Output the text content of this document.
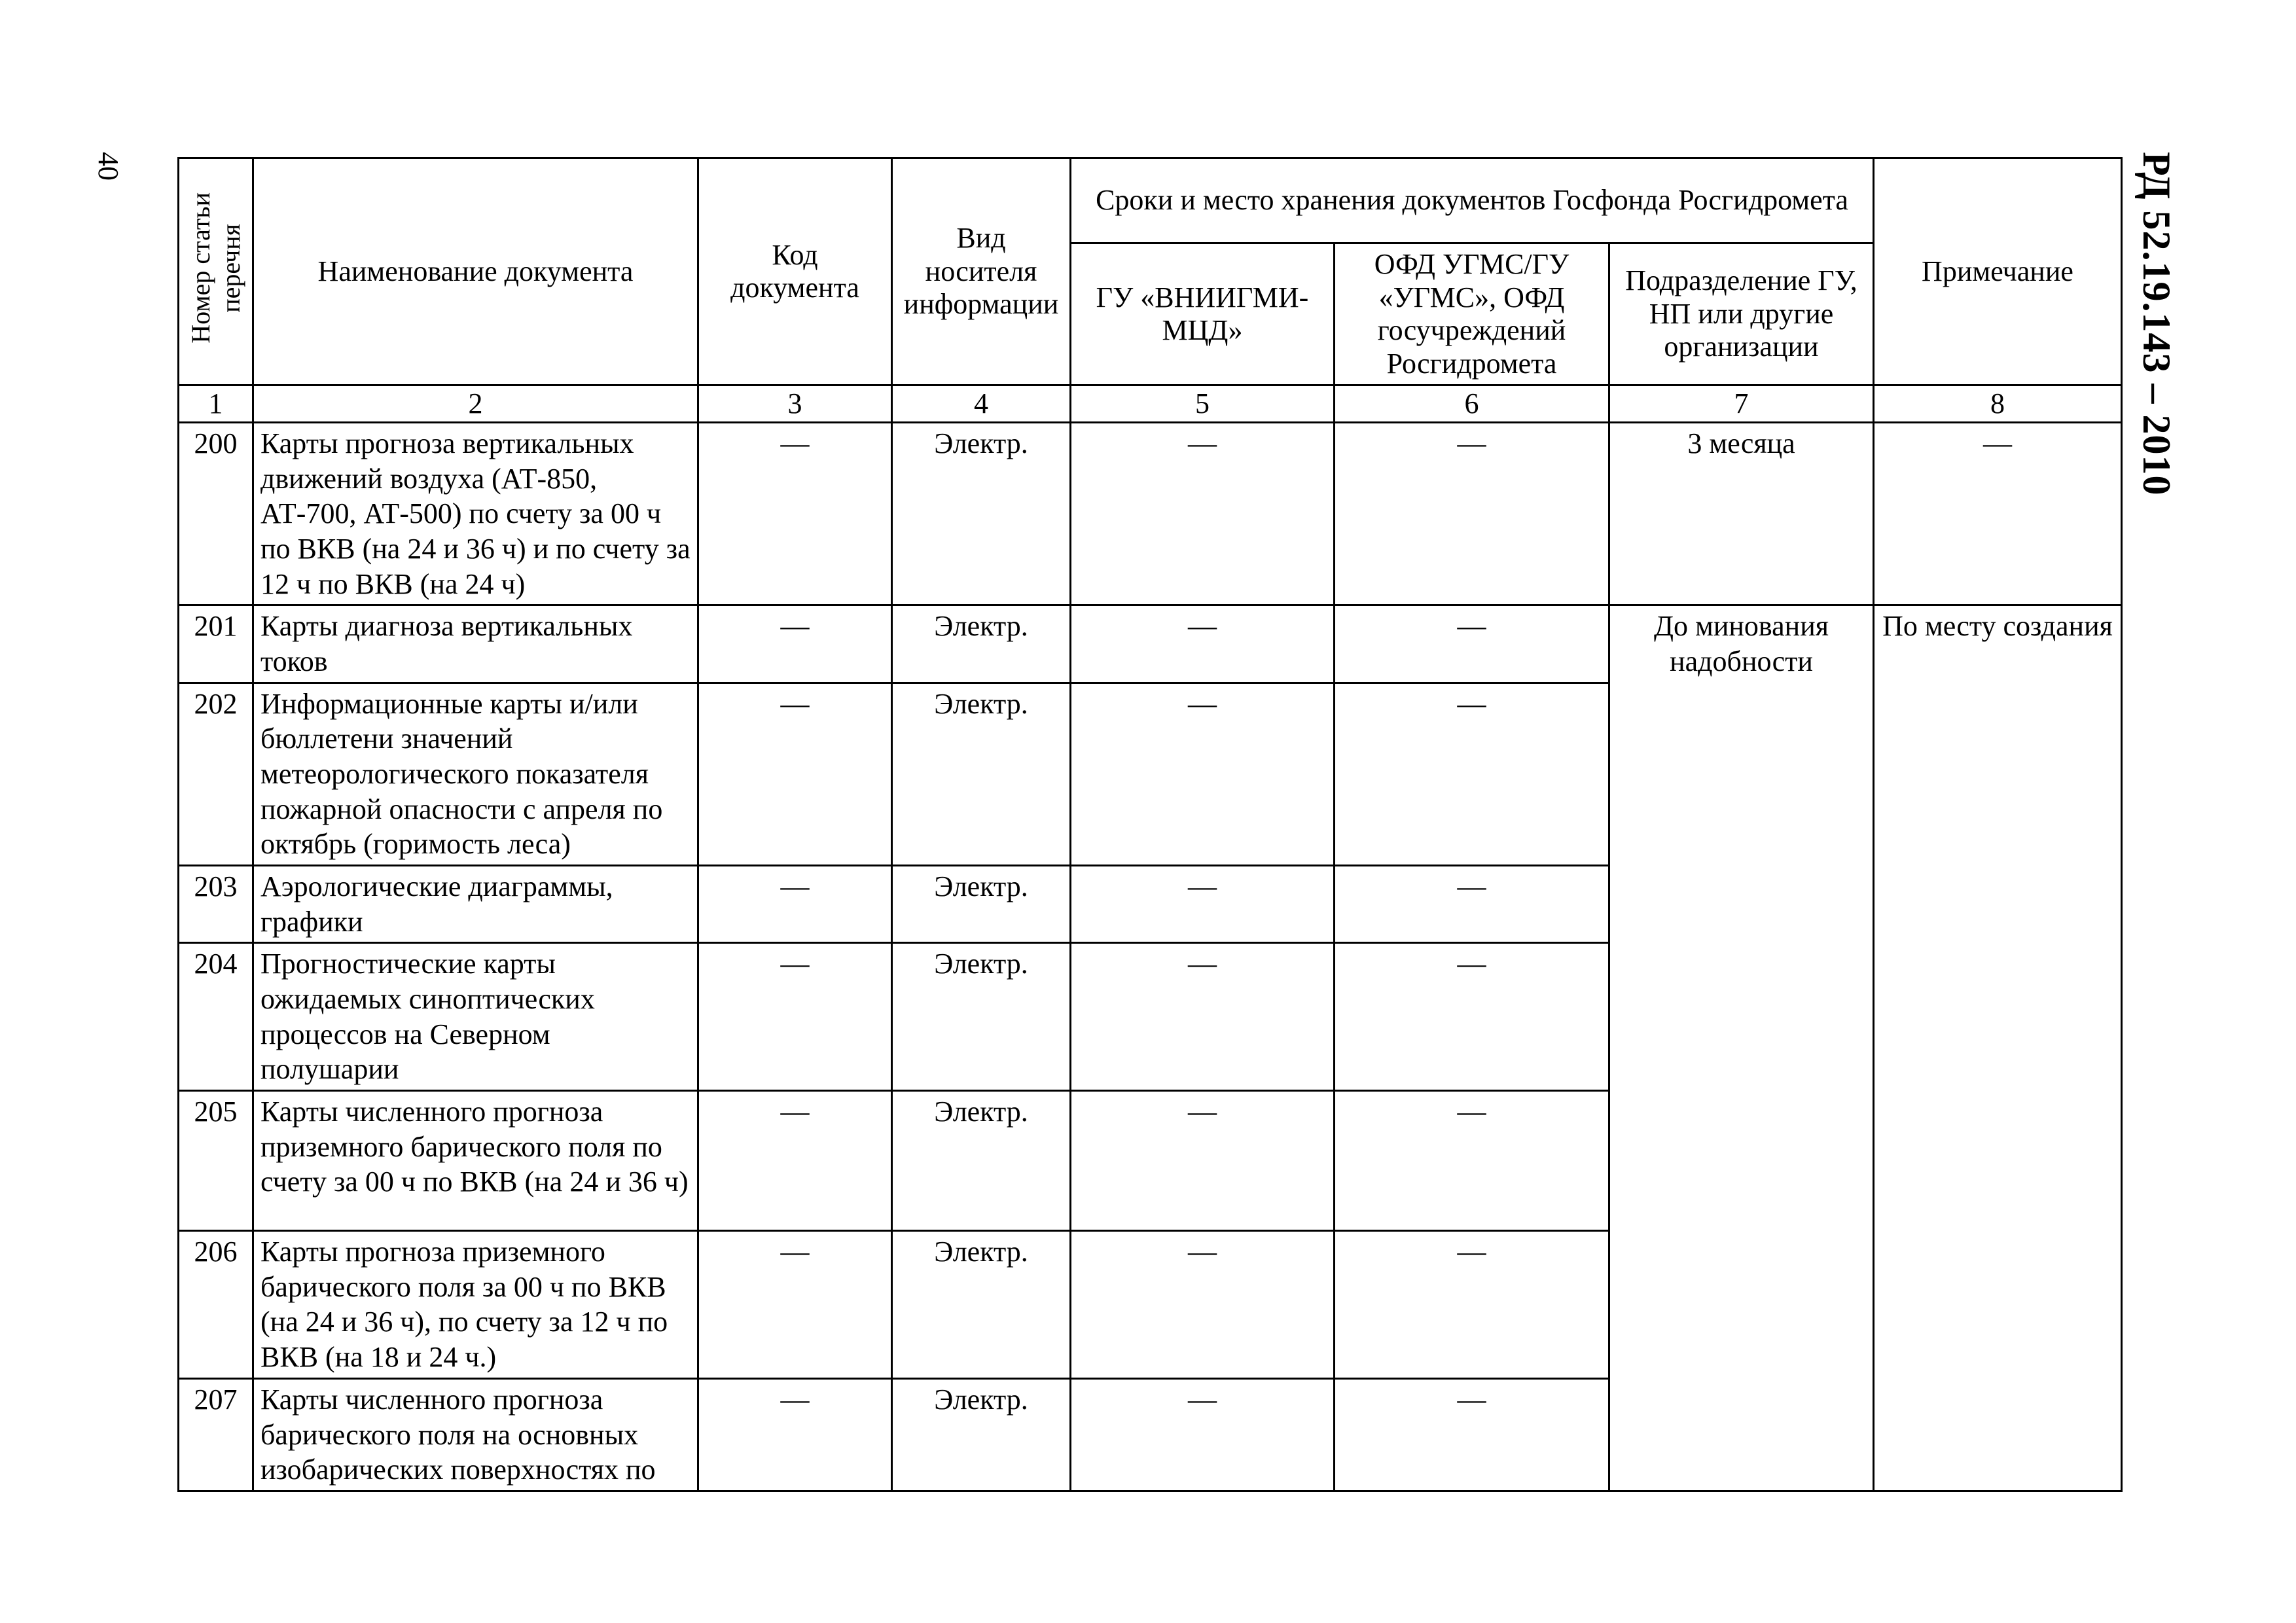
40	РД 52.19.143 – 2010
Номер статьи
перечня	Наименование документа	Код документа	Вид носителя информации	Сроки и место хранения документов Госфонда Росгидромета			Примечание
				ГУ «ВНИИГМИ-МЦД»	ОФД УГМС/ГУ «УГМС», ОФД госучреждений Росгидромета	Подразделение ГУ, НП или другие организации	
1	2	3	4	5	6	7	8
200	Карты прогноза вертикальных движений воздуха (АТ-850, АТ-700, АТ-500) по счету за 00 ч по ВКВ (на 24 и 36 ч) и по счету за 12 ч по ВКВ (на 24 ч)	—	Электр.	—	—	3 месяца	—
201	Карты диагноза вертикальных токов	—	Электр.	—	—	До минования надобности	По месту создания
202	Информационные карты и/или бюллетени значений метеорологического показателя пожарной опасности с апреля по октябрь (горимость леса)	—	Электр.	—	—		
203	Аэрологические диаграммы, графики	—	Электр.	—	—		
204	Прогностические карты ожидаемых синоптических процессов на Северном полушарии	—	Электр.	—	—		
205	Карты численного прогноза приземного барического поля по счету за 00 ч по ВКВ (на 24 и 36 ч)	—	Электр.	—	—		
206	Карты прогноза приземного барического поля за 00 ч по ВКВ (на 24 и 36 ч), по счету за 12 ч по ВКВ (на 18 и 24 ч.)	—	Электр.	—	—		
207	Карты численного прогноза барического поля на основных изобарических поверхностях по	—	Электр.	—	—		
